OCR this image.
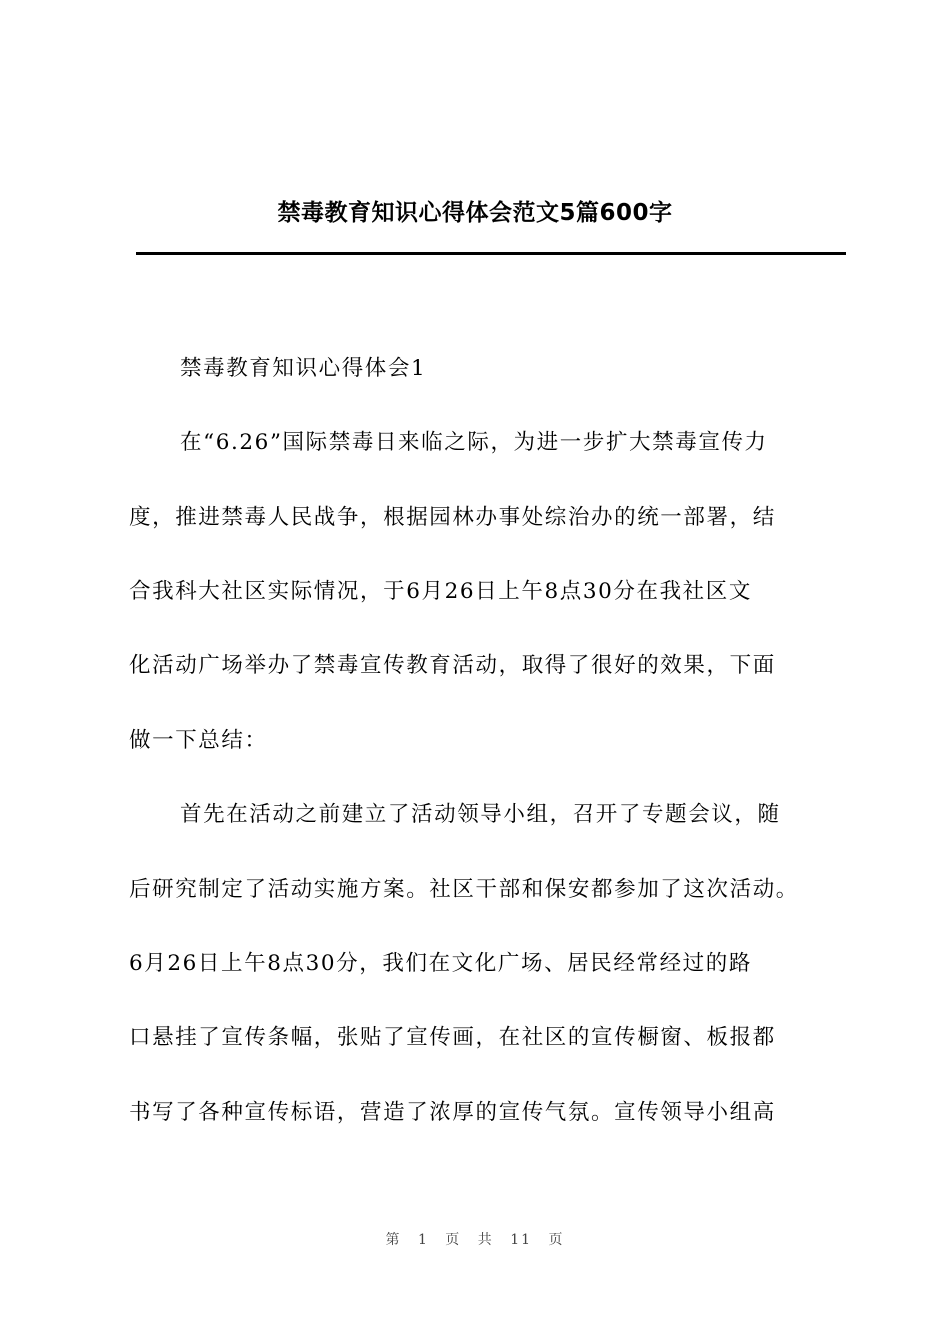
禁毒教育知识心得体会范文5篇600字
禁毒教育知识心得体会1
在“6.26”国际禁毒日来临之际，为进一步扩大禁毒宣传力
度，推进禁毒人民战争，根据园林办事处综治办的统一部署，结
合我科大社区实际情况，于6月26日上午8点30分在我社区文
化活动广场举办了禁毒宣传教育活动，取得了很好的效果，下面
做一下总结：
首先在活动之前建立了活动领导小组，召开了专题会议，随
后研究制定了活动实施方案。社区干部和保安都参加了这次活动。
6月26日上午8点30分，我们在文化广场、居民经常经过的路
口悬挂了宣传条幅，张贴了宣传画，在社区的宣传橱窗、板报都
书写了各种宣传标语，营造了浓厚的宣传气氛。宣传领导小组高
第 1 页 共 11 页
